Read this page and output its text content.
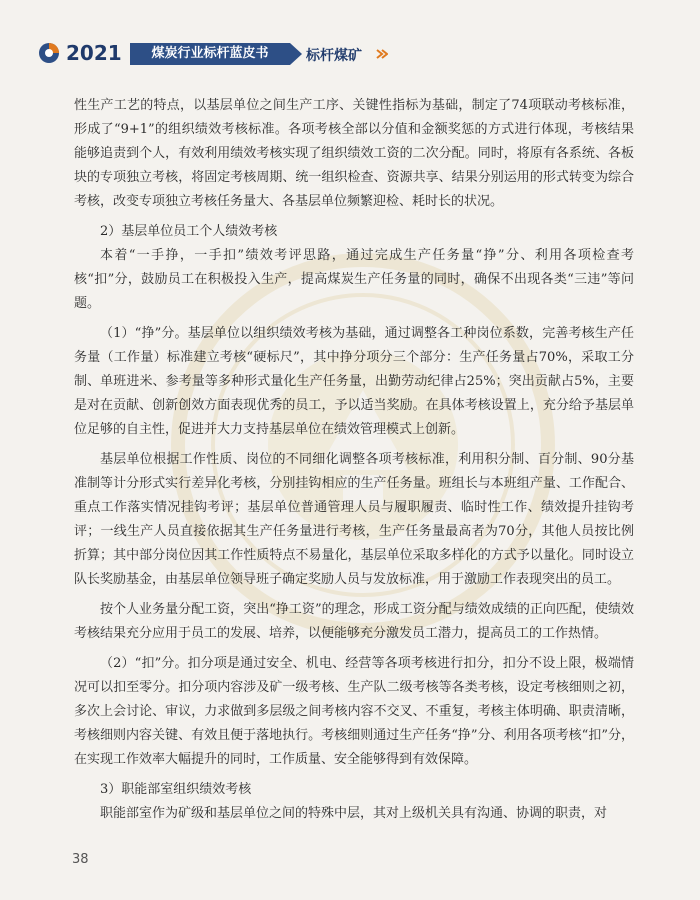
2021	煤炭行业标杆蓝皮书	标杆煤矿

性生产工艺的特点，以基层单位之间生产工序、关键性指标为基础，制定了74项联动考核标准，形成了“9+1”的组织绩效考核标准。各项考核全部以分值和金额奖惩的方式进行体现，考核结果能够追责到个人，有效利用绩效考核实现了组织绩效工资的二次分配。同时，将原有各系统、各板块的专项独立考核，将固定考核周期、统一组织检查、资源共享、结果分别运用的形式转变为综合考核，改变专项独立考核任务量大、各基层单位频繁迎检、耗时长的状况。

2）基层单位员工个人绩效考核

本着“一手挣，一手扣”绩效考评思路，通过完成生产任务量“挣”分、利用各项检查考核“扣”分，鼓励员工在积极投入生产，提高煤炭生产任务量的同时，确保不出现各类“三违”等问题。

（1）“挣”分。基层单位以组织绩效考核为基础，通过调整各工种岗位系数，完善考核生产任务量（工作量）标准建立考核“硬标尺”，其中挣分项分三个部分：生产任务量占70%，采取工分制、单班进米、参考量等多种形式量化生产任务量，出勤劳动纪律占25%；突出贡献占5%，主要是对在贡献、创新创效方面表现优秀的员工，予以适当奖励。在具体考核设置上，充分给予基层单位足够的自主性，促进并大力支持基层单位在绩效管理模式上创新。

基层单位根据工作性质、岗位的不同细化调整各项考核标准，利用积分制、百分制、90分基准制等计分形式实行差异化考核，分别挂钩相应的生产任务量。班组长与本班组产量、工作配合、重点工作落实情况挂钩考评；基层单位普通管理人员与履职履责、临时性工作、绩效提升挂钩考评；一线生产人员直接依据其生产任务量进行考核，生产任务量最高者为70分，其他人员按比例折算；其中部分岗位因其工作性质特点不易量化，基层单位采取多样化的方式予以量化。同时设立队长奖励基金，由基层单位领导班子确定奖励人员与发放标准，用于激励工作表现突出的员工。

按个人业务量分配工资，突出“挣工资”的理念，形成工资分配与绩效成绩的正向匹配，使绩效考核结果充分应用于员工的发展、培养，以便能够充分激发员工潜力，提高员工的工作热情。

（2）“扣”分。扣分项是通过安全、机电、经营等各项考核进行扣分，扣分不设上限，极端情况可以扣至零分。扣分项内容涉及矿一级考核、生产队二级考核等各类考核，设定考核细则之初，多次上会讨论、审议，力求做到多层级之间考核内容不交叉、不重复，考核主体明确、职责清晰，考核细则内容关键、有效且便于落地执行。考核细则通过生产任务“挣”分、利用各项考核“扣”分，在实现工作效率大幅提升的同时，工作质量、安全能够得到有效保障。

3）职能部室组织绩效考核

职能部室作为矿级和基层单位之间的特殊中层，其对上级机关具有沟通、协调的职责，对

38
